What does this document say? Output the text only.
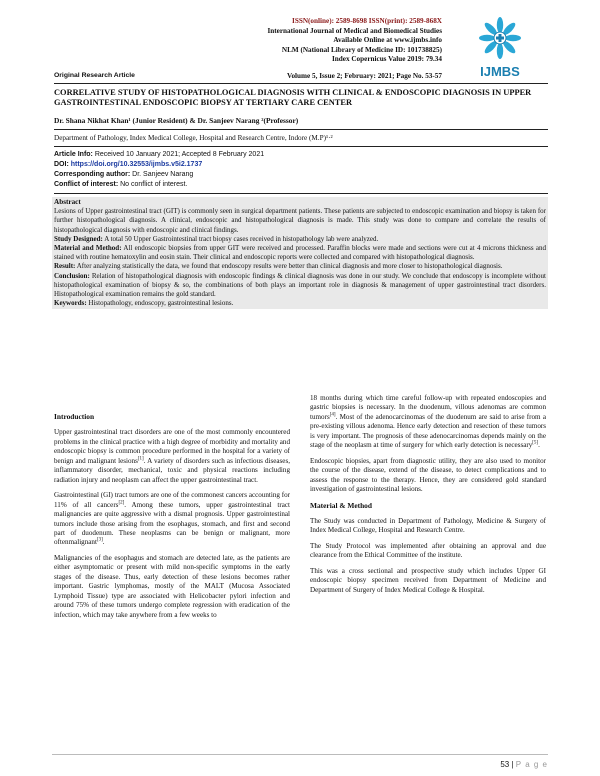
ISSN(online): 2589-8698 ISSN(print): 2589-868X
International Journal of Medical and Biomedical Studies
Available Online at www.ijmbs.info
NLM (National Library of Medicine ID: 101738825)
Index Copernicus Value 2019: 79.34
IJMBS
Original Research Article	Volume 5, Issue 2; February: 2021; Page No. 53-57
CORRELATIVE STUDY OF HISTOPATHOLOGICAL DIAGNOSIS WITH CLINICAL & ENDOSCOPIC DIAGNOSIS IN UPPER GASTROINTESTINAL ENDOSCOPIC BIOPSY AT TERTIARY CARE CENTER
Dr. Shana Nikhat Khan¹ (Junior Resident) & Dr. Sanjeev Narang ²(Professor)
Department of Pathology, Index Medical College, Hospital and Research Centre, Indore (M.P)¹·²
Article Info: Received 10 January 2021; Accepted 8 February 2021
DOI: https://doi.org/10.32553/ijmbs.v5i2.1737
Corresponding author: Dr. Sanjeev Narang
Conflict of interest: No conflict of interest.
Abstract

Lesions of Upper gastrointestinal tract (GIT) is commonly seen in surgical department patients. These patients are subjected to endoscopic examination and biopsy is taken for further histopathological diagnosis. A clinical, endoscopic and histopathological diagnosis is made. This study was done to compare and correlate the results of histopathological diagnosis with endoscopic and clinical findings.

Study Designed: A total 50 Upper Gastrointestinal tract biopsy cases received in histopathology lab were analyzed.

Material and Method: All endoscopic biopsies from upper GIT were received and processed. Paraffin blocks were made and sections were cut at 4 microns thickness and stained with routine hematoxylin and eosin stain. Their clinical and endoscopic reports were collected and compared with histopathological diagnosis.

Result: After analyzing statistically the data, we found that endoscopy results were better than clinical diagnosis and more closer to histopathological diagnosis.

Conclusion: Relation of histopathological diagnosis with endoscopic findings & clinical diagnosis was done in our study. We conclude that endoscopy is incomplete without histopathological examination of biopsy & so, the combinations of both plays an important role in diagnosis & management of upper gastrointestinal tract disorders. Histopathological examination remains the gold standard.

Keywords: Histopathology, endoscopy, gastrointestinal lesions.

Introduction

Upper gastrointestinal tract disorders are one of the most commonly encountered problems in the clinical practice with a high degree of morbidity and mortality and endoscopic biopsy is common procedure performed in the hospital for a variety of benign and malignant lesions[1]. A variety of disorders such as infectious diseases, inflammatory disorder, mechanical, toxic and physical reactions including radiation injury and neoplasm can affect the upper gastrointestinal tract.

Gastrointestinal (GI) tract tumors are one of the commonest cancers accounting for 11% of all cancers[2]. Among these tumors, upper gastrointestinal tract malignancies are quite aggressive with a dismal prognosis. Upper gastrointestinal tumors include those arising from the esophagus, stomach, and first and second part of duodenum. These neoplasms can be benign or malignant, more oftenmalignant[3].

Malignancies of the esophagus and stomach are detected late, as the patients are either asymptomatic or present with mild non-specific symptoms in the early stages of the disease. Thus, early detection of these lesions becomes rather important. Gastric lymphomas, mostly of the MALT (Mucosa Associated Lymphoid Tissue) type are associated with Helicobacter pylori infection and around 75% of these tumors undergo complete regression with eradication of the infection, which may take anywhere from a few weeks to

18 months during which time careful follow-up with repeated endoscopies and gastric biopsies is necessary. In the duodenum, villous adenomas are common tumors[4]. Most of the adenocarcinomas of the duodenum are said to arise from a pre-existing villous adenoma. Hence early detection and resection of these tumors is very important. The prognosis of these adenocarcinomas depends mainly on the stage of the neoplasm at time of surgery for which early detection is necessary[5].

Endoscopic biopsies, apart from diagnostic utility, they are also used to monitor the course of the disease, extend of the disease, to detect complications and to assess the response to the therapy. Hence, they are considered gold standard investigation of gastrointestinal lesions.

Material & Method

The Study was conducted in Department of Pathology, Medicine & Surgery of Index Medical College, Hospital and Research Centre.

The Study Protocol was implemented after obtaining an approval and due clearance from the Ethical Committee of the institute.

This was a cross sectional and prospective study which includes Upper GI endoscopic biopsy specimen received from Department of Medicine and Department of Surgery of Index Medical College & Hospital.

53 | P a g e
